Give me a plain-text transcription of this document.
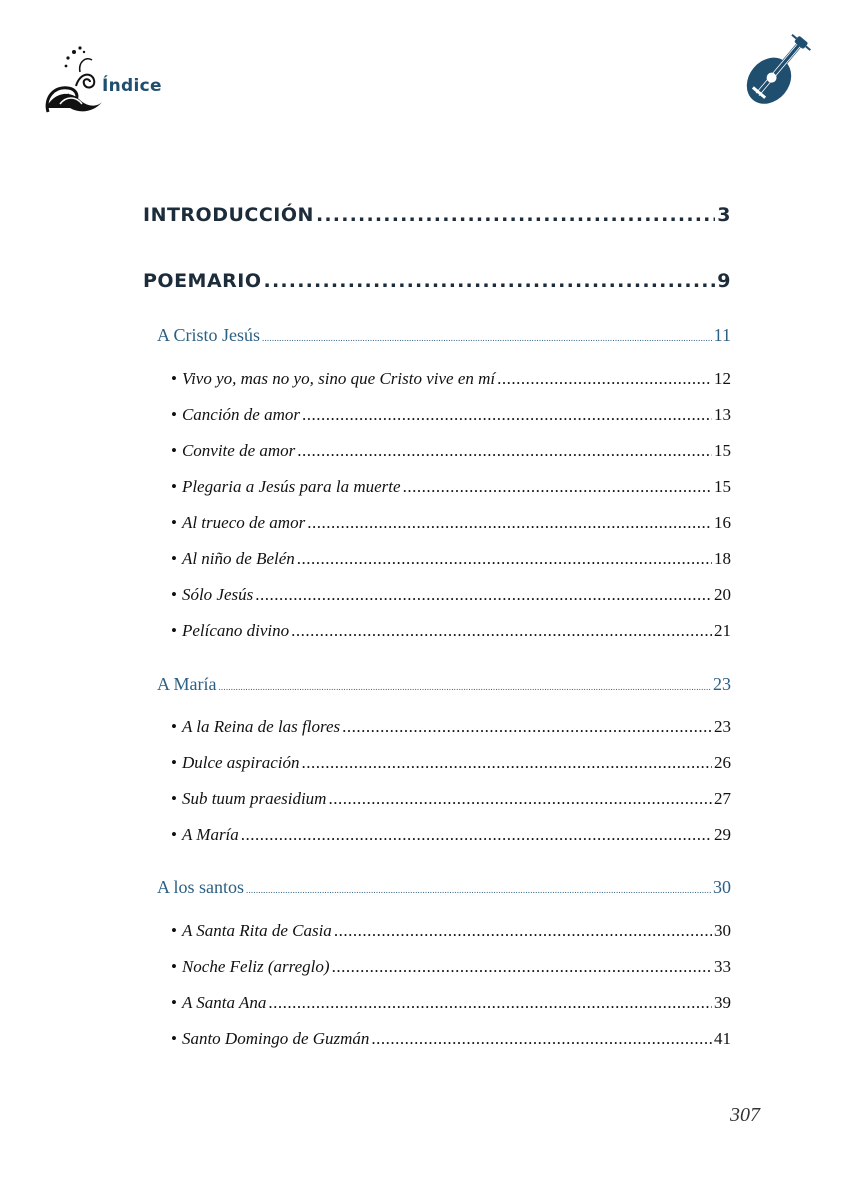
Índice
INTRODUCCIÓN .....	3
POEMARIO .....	9
A Cristo Jesús .....	11
• Vivo yo, mas no yo, sino que Cristo vive en mí .....	12
• Canción de amor .....	13
• Convite de amor .....	15
• Plegaria a Jesús para la muerte .....	15
• Al trueco de amor .....	16
• Al niño de Belén .....	18
• Sólo Jesús .....	20
• Pelícano divino .....	21
A María .....	23
• A la Reina de las flores .....	23
• Dulce aspiración .....	26
• Sub tuum praesidium .....	27
• A María .....	29
A los santos .....	30
• A Santa Rita de Casia .....	30
• Noche Feliz (arreglo) .....	33
• A Santa Ana .....	39
• Santo Domingo de Guzmán .....	41
307
